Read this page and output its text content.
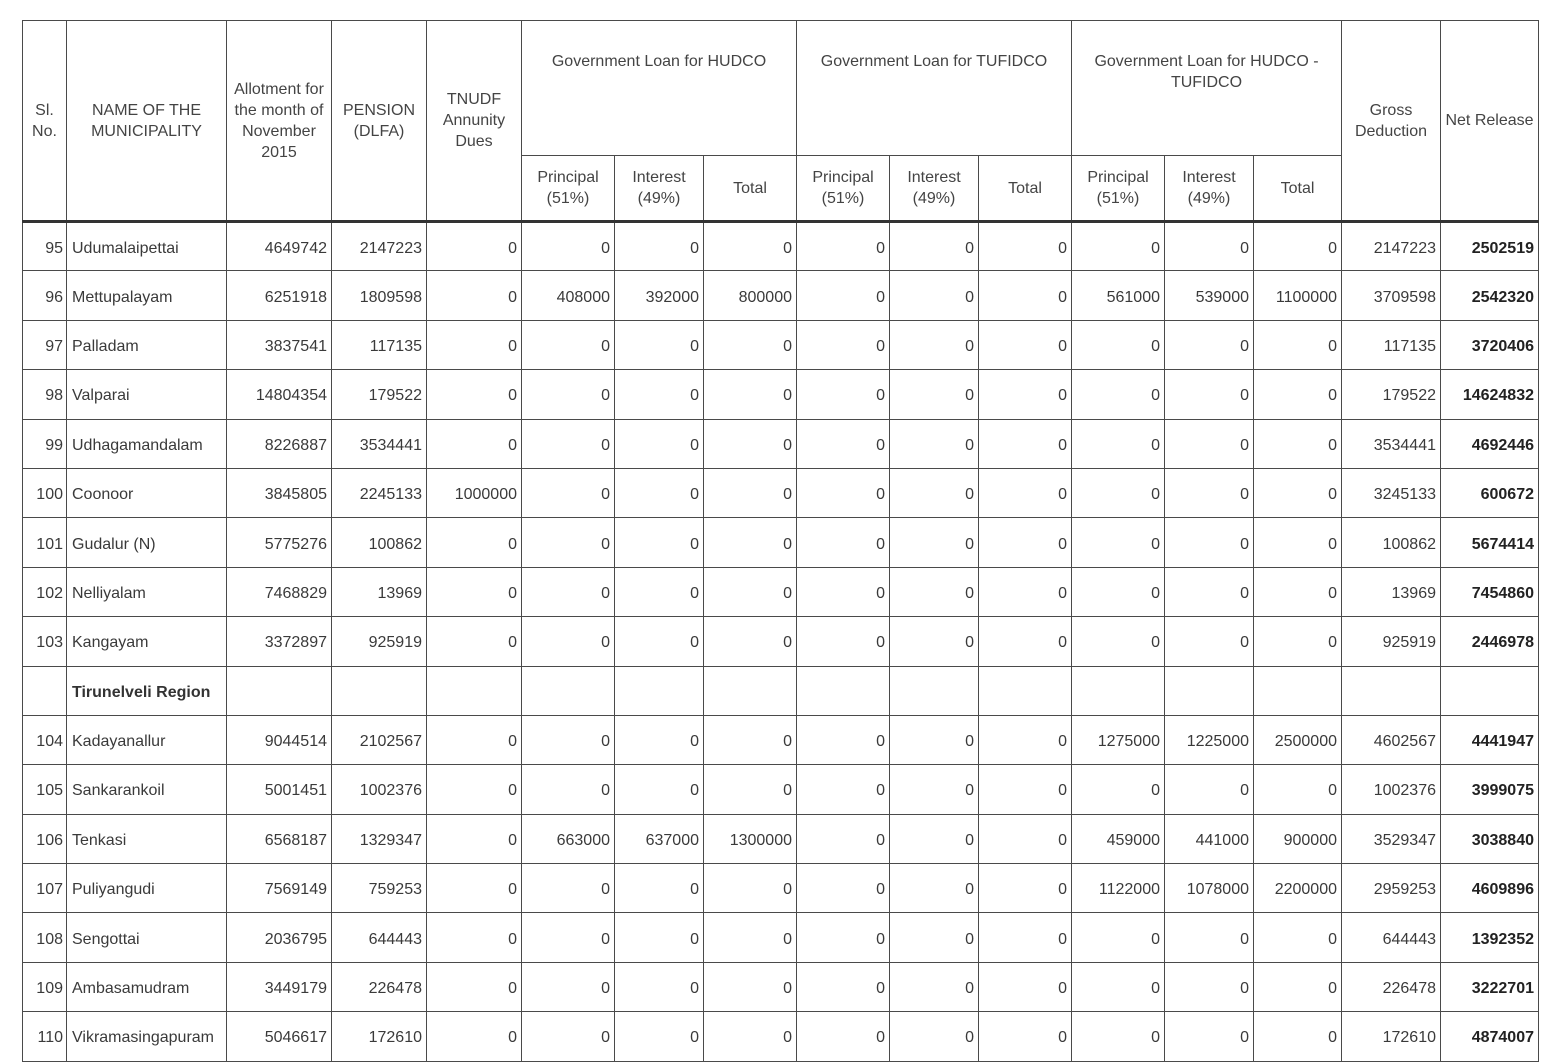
Sl. No.	NAME OF THE MUNICIPALITY	Allotment for the month of November 2015	PENSION (DLFA)	TNUDF Annunity Dues	Government Loan for HUDCO			Government Loan for TUFIDCO			Government Loan for HUDCO - TUFIDCO			Gross Deduction	Net Release
					Principal (51%)	Interest (49%)	Total	Principal (51%)	Interest (49%)	Total	Principal (51%)	Interest (49%)	Total		
95	Udumalaipettai	4649742	2147223	0	0	0	0	0	0	0	0	0	0	2147223	2502519
96	Mettupalayam	6251918	1809598	0	408000	392000	800000	0	0	0	561000	539000	1100000	3709598	2542320
97	Palladam	3837541	117135	0	0	0	0	0	0	0	0	0	0	117135	3720406
98	Valparai	14804354	179522	0	0	0	0	0	0	0	0	0	0	179522	14624832
99	Udhagamandalam	8226887	3534441	0	0	0	0	0	0	0	0	0	0	3534441	4692446
100	Coonoor	3845805	2245133	1000000	0	0	0	0	0	0	0	0	0	3245133	600672
101	Gudalur (N)	5775276	100862	0	0	0	0	0	0	0	0	0	0	100862	5674414
102	Nelliyalam	7468829	13969	0	0	0	0	0	0	0	0	0	0	13969	7454860
103	Kangayam	3372897	925919	0	0	0	0	0	0	0	0	0	0	925919	2446978
	Tirunelveli Region														
104	Kadayanallur	9044514	2102567	0	0	0	0	0	0	0	1275000	1225000	2500000	4602567	4441947
105	Sankarankoil	5001451	1002376	0	0	0	0	0	0	0	0	0	0	1002376	3999075
106	Tenkasi	6568187	1329347	0	663000	637000	1300000	0	0	0	459000	441000	900000	3529347	3038840
107	Puliyangudi	7569149	759253	0	0	0	0	0	0	0	1122000	1078000	2200000	2959253	4609896
108	Sengottai	2036795	644443	0	0	0	0	0	0	0	0	0	0	644443	1392352
109	Ambasamudram	3449179	226478	0	0	0	0	0	0	0	0	0	0	226478	3222701
110	Vikramasingapuram	5046617	172610	0	0	0	0	0	0	0	0	0	0	172610	4874007
